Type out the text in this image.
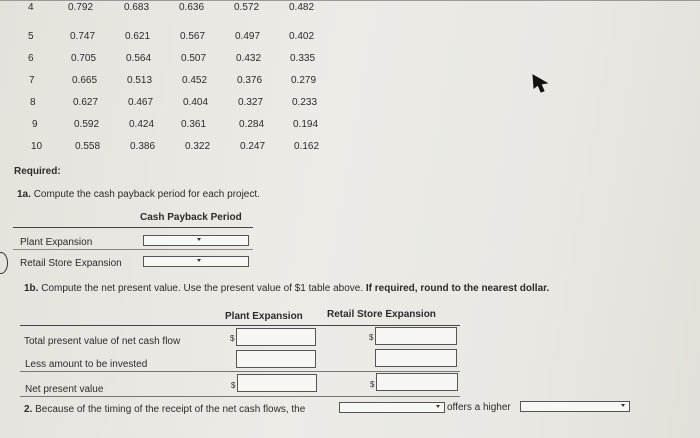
4	0.792	0.683	0.636	0.572	0.482
5	0.747	0.621	0.567	0.497	0.402
6	0.705	0.564	0.507	0.432	0.335
7	0.665	0.513	0.452	0.376	0.279
8	0.627	0.467	0.404	0.327	0.233
9	0.592	0.424	0.361	0.284	0.194
10	0.558	0.386	0.322	0.247	0.162
Required:
1a. Compute the cash payback period for each project.
Cash Payback Period
Plant Expansion
Retail Store Expansion
1b. Compute the net present value. Use the present value of $1 table above. If required, round to the nearest dollar.
Plant Expansion Retail Store Expansion
Total present value of net cash flow	$	$
Less amount to be invested
Net present value	$	$
2. Because of the timing of the receipt of the net cash flows, the	offers a higher
